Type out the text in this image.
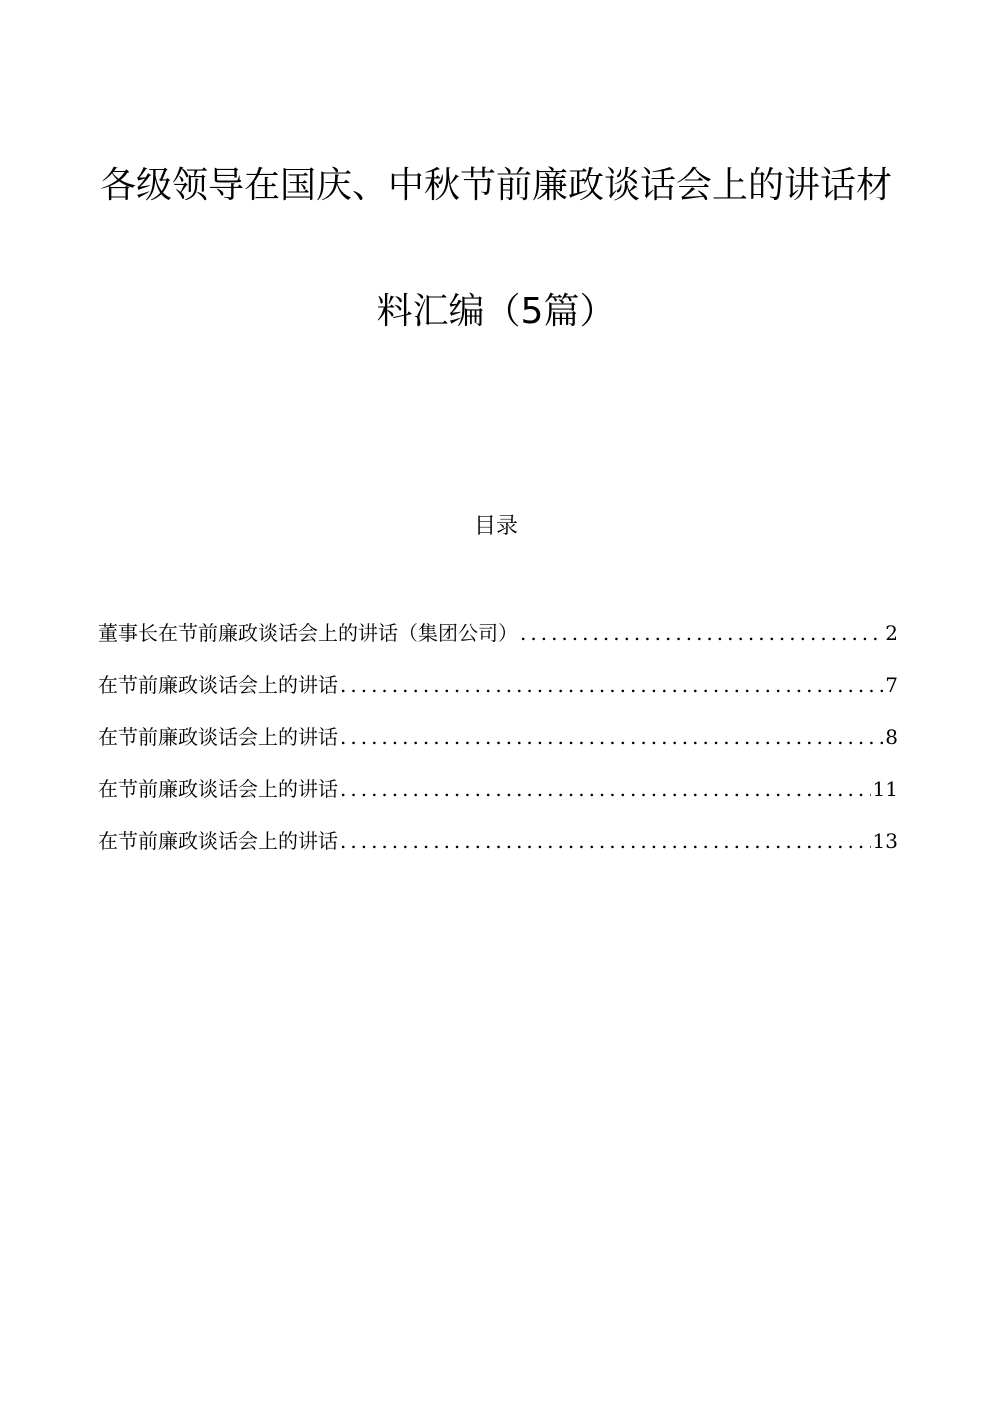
各级领导在国庆、中秋节前廉政谈话会上的讲话材
料汇编（5篇）
目录
董事长在节前廉政谈话会上的讲话（集团公司） .....	2
在节前廉政谈话会上的讲话 .....	7
在节前廉政谈话会上的讲话 .....	8
在节前廉政谈话会上的讲话 .....	11
在节前廉政谈话会上的讲话 .....	13
